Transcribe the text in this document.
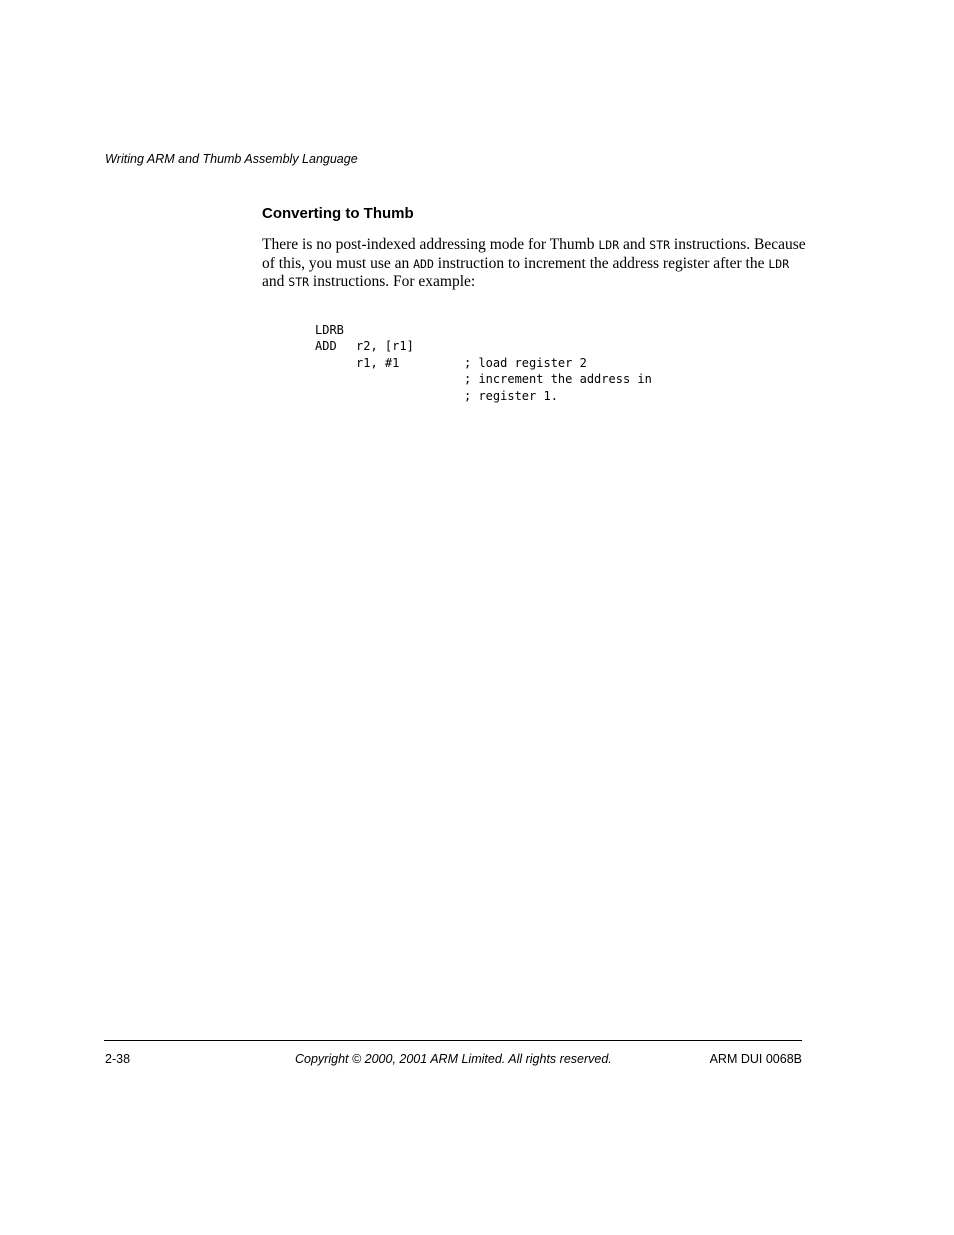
Writing ARM and Thumb Assembly Language
Converting to Thumb
There is no post-indexed addressing mode for Thumb LDR and STR instructions. Because
of this, you must use an ADD instruction to increment the address register after the LDR
and STR instructions. For example:

LDRB

r2, [r1]

; load register 2

ADD

r1, #1

; increment the address in

; register 1.

2-38	Copyright © 2000, 2001 ARM Limited. All rights reserved.	ARM DUI 0068B
